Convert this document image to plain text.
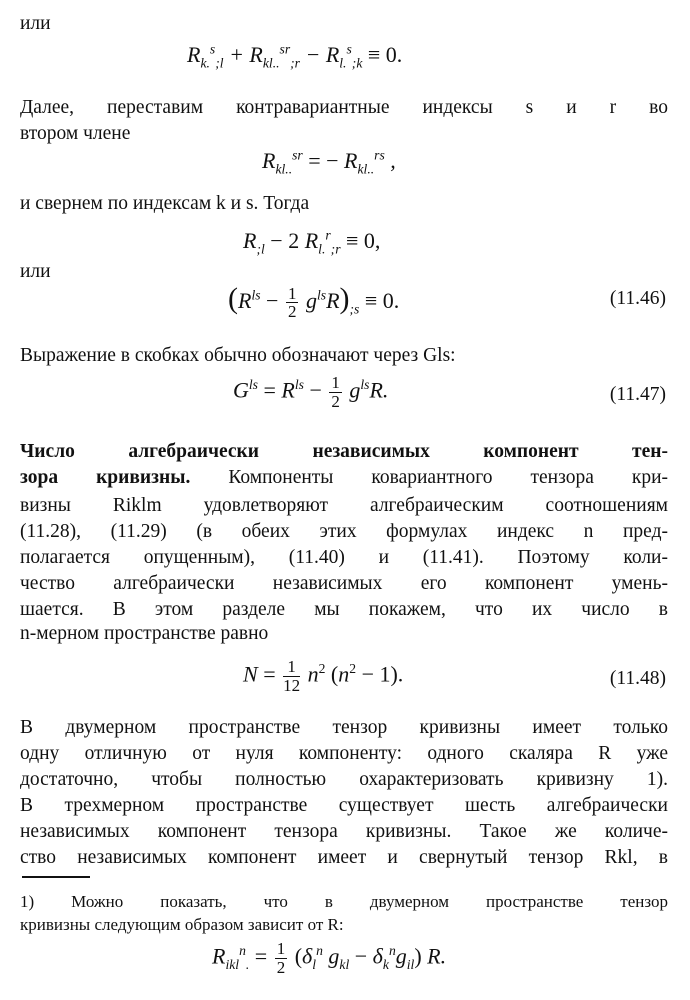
или
$R_{k.}^s_{;l} + R_{kl..}^{sr}_{;r} - R_{l.}^s_{;k} \equiv 0$.
Далее, переставим контравариантные индексы s и r во
втором члене
$R_{kl..}^{sr}$ = − $R_{kl..}^{rs}$ ,
и свернем по индексам k и s. Тогда
$R_{;l} - 2$ $R_{l.}^r_{;r} \equiv 0$,
или
$(R^{ls} - \frac{1}{2} g^{ls}R)_{;s} \equiv 0$.	(11.46)
Выражение в скобках обычно обозначают через Gls:
$G^{ls} = R^{ls} - \frac{1}{2} g^{ls}R$.	(11.47)
Число алгебраически независимых компонент тен-
зора кривизны. Компоненты ковариантного тензора кри-
визны Riklm удовлетворяют алгебраическим соотношениям
(11.28), (11.29) (в обеих этих формулах индекс n пред-
полагается опущенным), (11.40) и (11.41). Поэтому коли-
чество алгебраически независимых его компонент умень-
шается. В этом разделе мы покажем, что их число в
n-мерном пространстве равно
$N = \frac{1}{12} n^2$ $(n^2 - 1)$.	(11.48)
В двумерном пространстве тензор кривизны имеет только
одну отличную от нуля компоненту: одного скаляра R уже
достаточно, чтобы полностью охарактеризовать кривизну 1).
В трехмерном пространстве существует шесть алгебраически
независимых компонент тензора кривизны. Такое же количе-
ство независимых компонент имеет и свернутый тензор Rkl, в
1) Можно показать, что в двумерном пространстве тензор
кривизны следующим образом зависит от R:
$R_{ikl}^n_. = \frac{1}{2} (\delta_l^n$ $g_{kl} - \delta_k^ng_{il}$) R.
